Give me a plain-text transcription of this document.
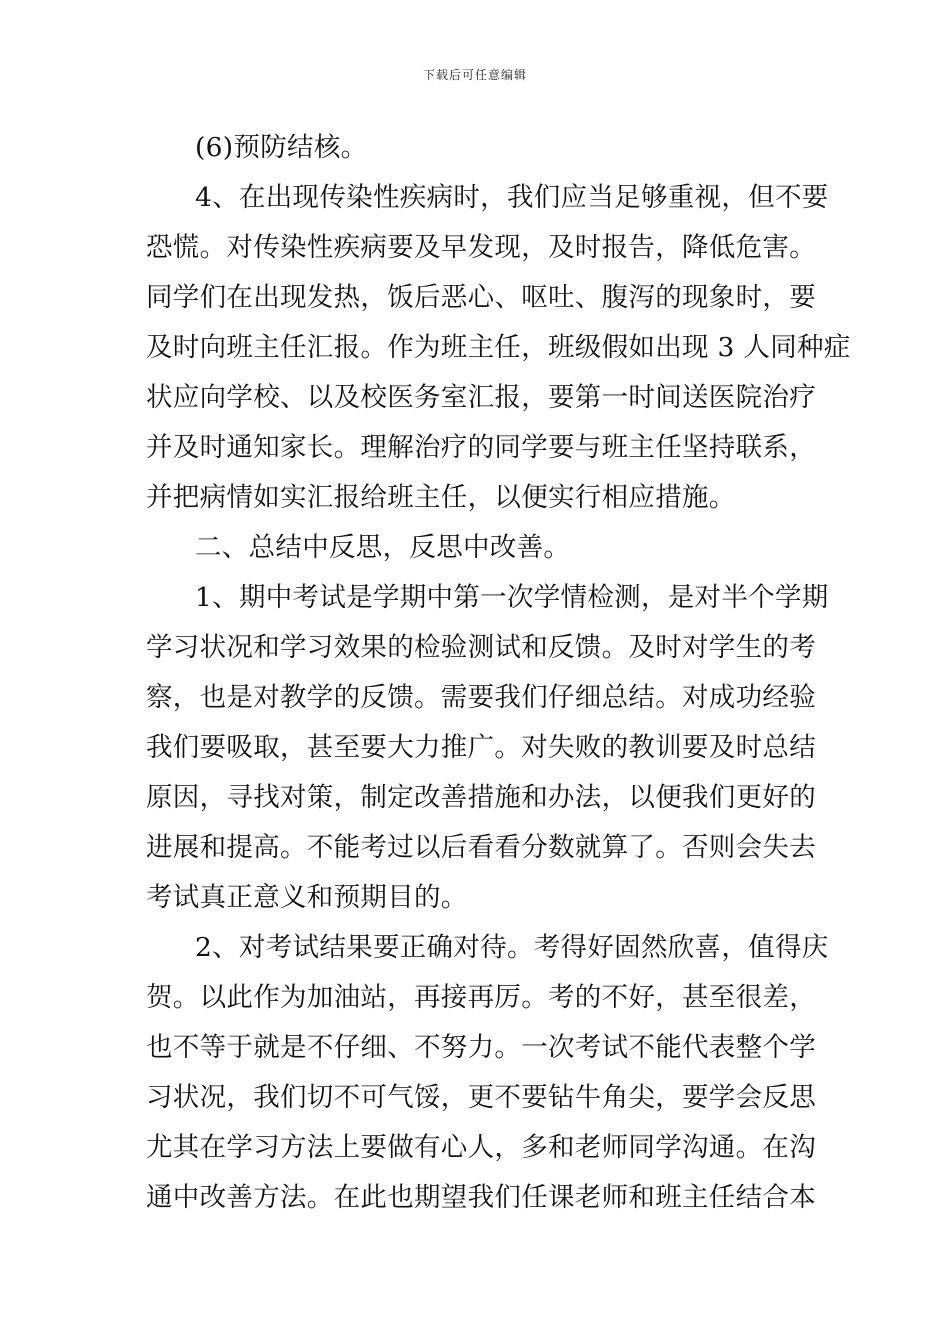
下载后可任意编辑
(6)预防结核。
4、在出现传染性疾病时，我们应当足够重视，但不要
恐慌。对传染性疾病要及早发现，及时报告，降低危害。
同学们在出现发热，饭后恶心、呕吐、腹泻的现象时，要
及时向班主任汇报。作为班主任，班级假如出现 3 人同种症
状应向学校、以及校医务室汇报，要第一时间送医院治疗
并及时通知家长。理解治疗的同学要与班主任坚持联系，
并把病情如实汇报给班主任，以便实行相应措施。
二、总结中反思，反思中改善。
1、期中考试是学期中第一次学情检测，是对半个学期
学习状况和学习效果的检验测试和反馈。及时对学生的考
察，也是对教学的反馈。需要我们仔细总结。对成功经验
我们要吸取，甚至要大力推广。对失败的教训要及时总结
原因，寻找对策，制定改善措施和办法，以便我们更好的
进展和提高。不能考过以后看看分数就算了。否则会失去
考试真正意义和预期目的。
2、对考试结果要正确对待。考得好固然欣喜，值得庆
贺。以此作为加油站，再接再厉。考的不好，甚至很差，
也不等于就是不仔细、不努力。一次考试不能代表整个学
习状况，我们切不可气馁，更不要钻牛角尖，要学会反思
尤其在学习方法上要做有心人，多和老师同学沟通。在沟
通中改善方法。在此也期望我们任课老师和班主任结合本
